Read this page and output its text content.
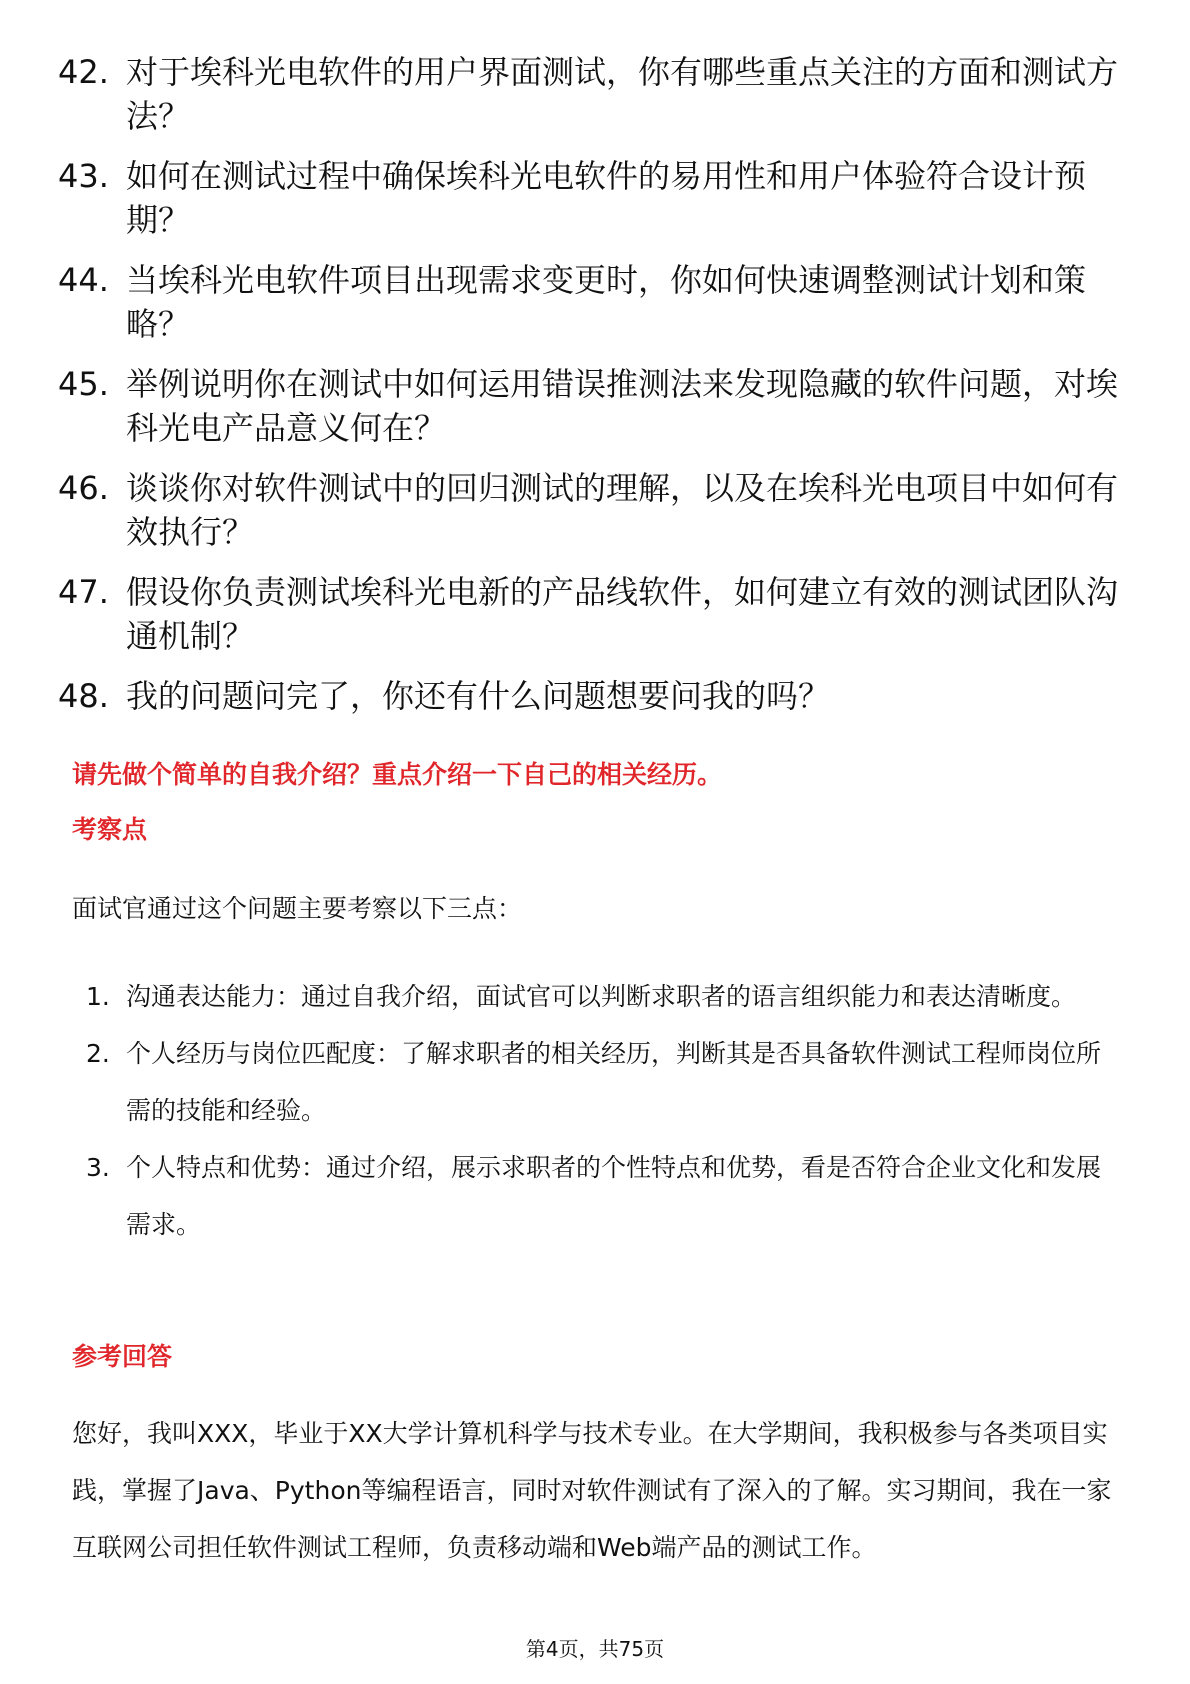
42. 对于埃科光电软件的用户界面测试，你有哪些重点关注的方面和测试方法？
43. 如何在测试过程中确保埃科光电软件的易用性和用户体验符合设计预期？
44. 当埃科光电软件项目出现需求变更时，你如何快速调整测试计划和策略？
45. 举例说明你在测试中如何运用错误推测法来发现隐藏的软件问题，对埃科光电产品意义何在？
46. 谈谈你对软件测试中的回归测试的理解，以及在埃科光电项目中如何有效执行？
47. 假设你负责测试埃科光电新的产品线软件，如何建立有效的测试团队沟通机制？
48. 我的问题问完了，你还有什么问题想要问我的吗？
请先做个简单的自我介绍？重点介绍一下自己的相关经历。
考察点
面试官通过这个问题主要考察以下三点：
1. 沟通表达能力：通过自我介绍，面试官可以判断求职者的语言组织能力和表达清晰度。
2. 个人经历与岗位匹配度：了解求职者的相关经历，判断其是否具备软件测试工程师岗位所需的技能和经验。
3. 个人特点和优势：通过介绍，展示求职者的个性特点和优势，看是否符合企业文化和发展需求。
参考回答
您好，我叫XXX，毕业于XX大学计算机科学与技术专业。在大学期间，我积极参与各类项目实践，掌握了Java、Python等编程语言，同时对软件测试有了深入的了解。实习期间，我在一家互联网公司担任软件测试工程师，负责移动端和Web端产品的测试工作。
第4页，共75页
